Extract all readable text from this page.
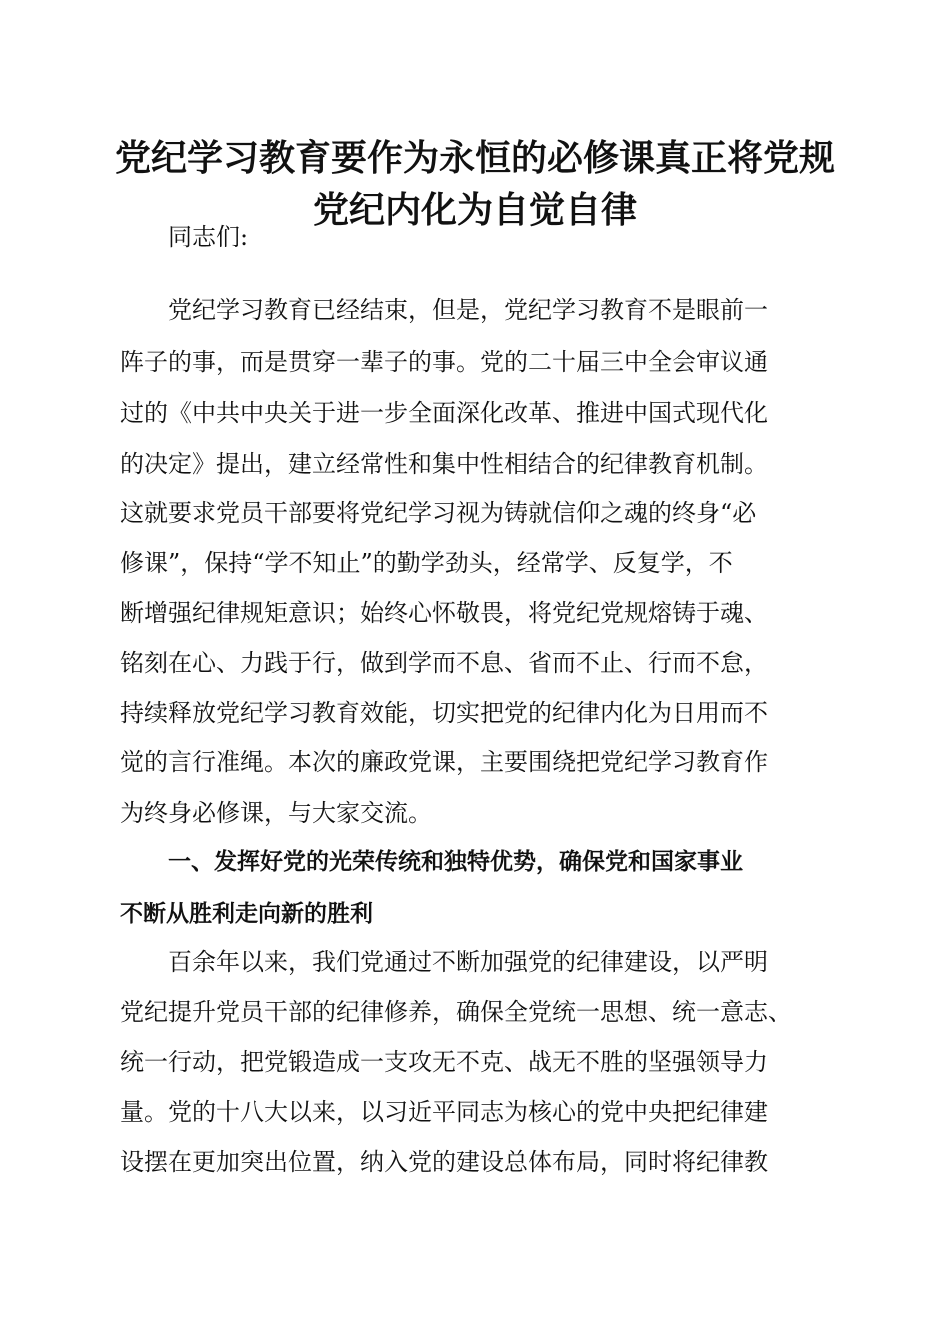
党纪学习教育要作为永恒的必修课真正将党规
党纪内化为自觉自律

同志们:

党纪学习教育已经结束，但是，党纪学习教育不是眼前一

阵子的事，而是贯穿一辈子的事。党的二十届三中全会审议通

过的《中共中央关于进一步全面深化改革、推进中国式现代化

的决定》提出，建立经常性和集中性相结合的纪律教育机制。

这就要求党员干部要将党纪学习视为铸就信仰之魂的终身“必

修课”，保持“学不知止”的勤学劲头，经常学、反复学，不

断增强纪律规矩意识；始终心怀敬畏，将党纪党规熔铸于魂、

铭刻在心、力践于行，做到学而不息、省而不止、行而不怠，

持续释放党纪学习教育效能，切实把党的纪律内化为日用而不

觉的言行准绳。本次的廉政党课，主要围绕把党纪学习教育作

为终身必修课，与大家交流。

一、发挥好党的光荣传统和独特优势，确保党和国家事业

不断从胜利走向新的胜利

百余年以来，我们党通过不断加强党的纪律建设，以严明

党纪提升党员干部的纪律修养，确保全党统一思想、统一意志、

统一行动，把党锻造成一支攻无不克、战无不胜的坚强领导力

量。党的十八大以来，以习近平同志为核心的党中央把纪律建

设摆在更加突出位置，纳入党的建设总体布局，同时将纪律教
